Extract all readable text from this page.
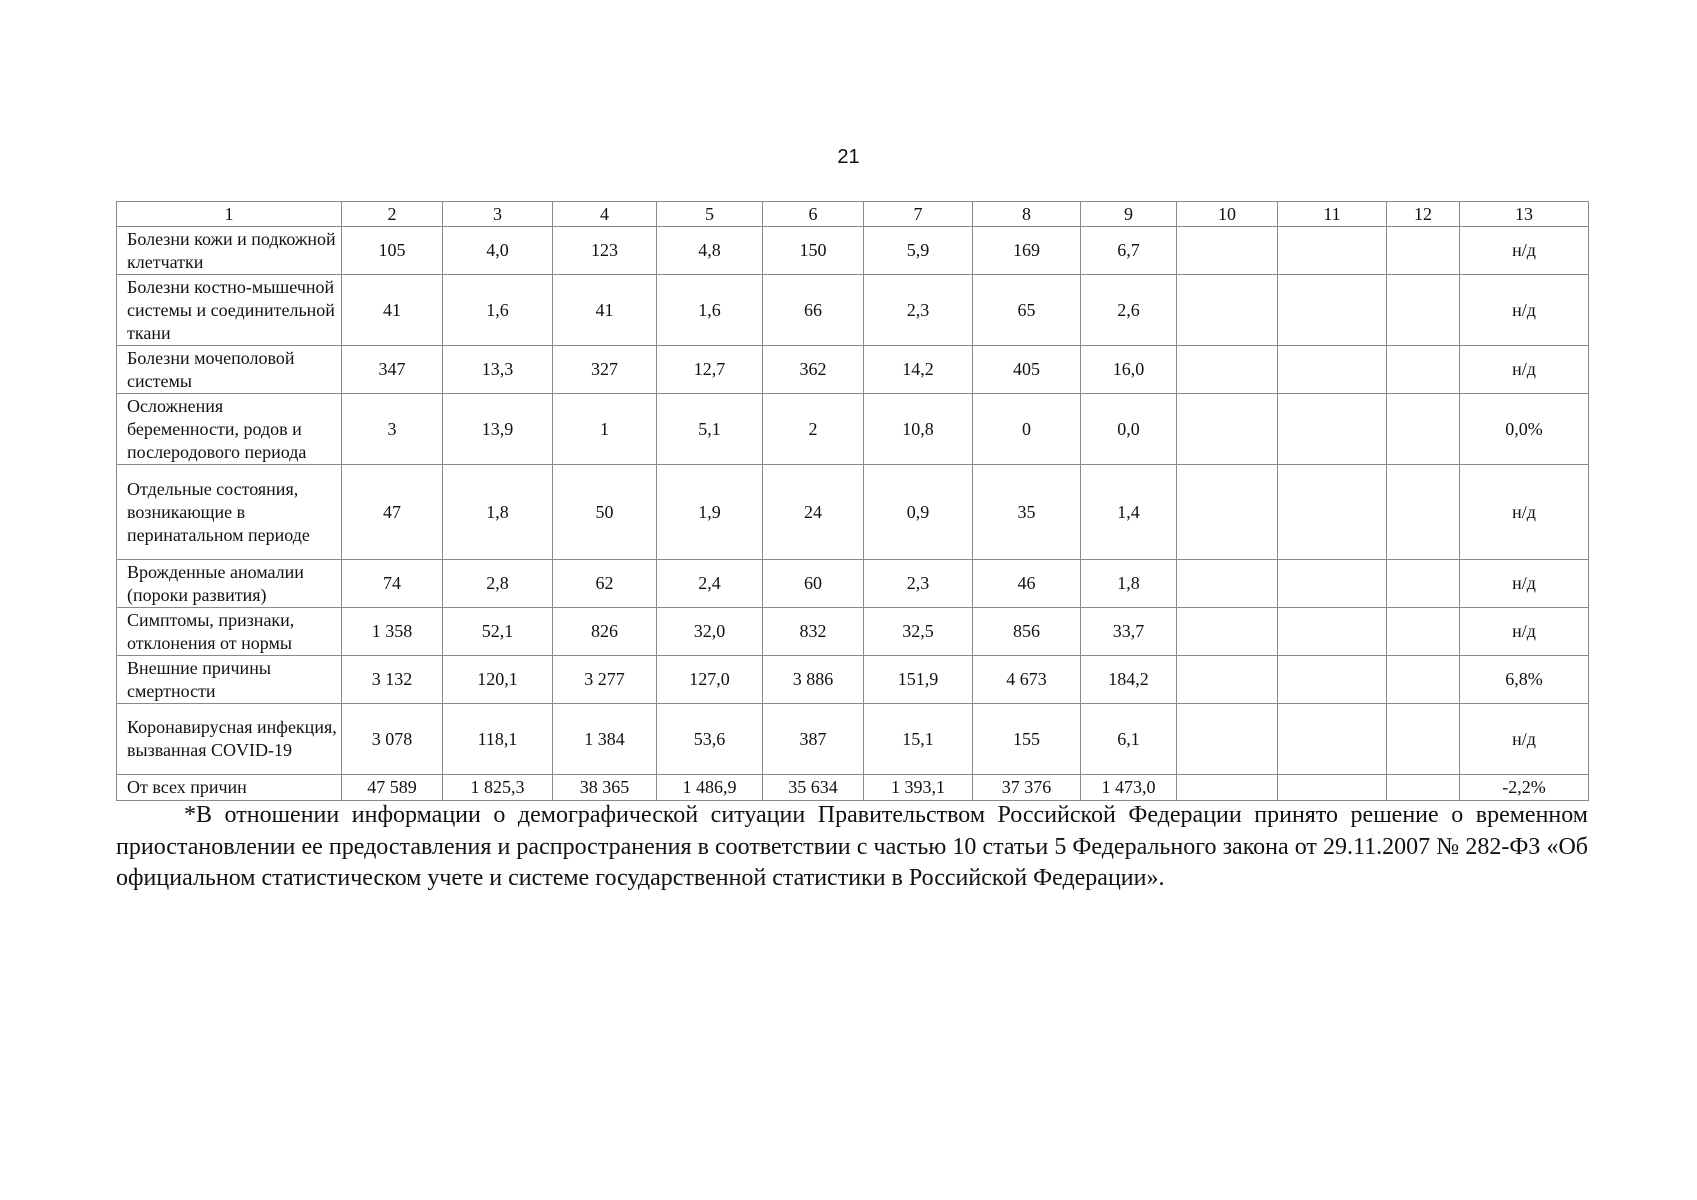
21
1	2	3	4	5	6	7	8	9	10	11	12	13
Болезни кожи и подкожной клетчатки	105	4,0	123	4,8	150	5,9	169	6,7				н/д
Болезни костно-мышечной системы и соединительной ткани	41	1,6	41	1,6	66	2,3	65	2,6				н/д
Болезни мочеполовой системы	347	13,3	327	12,7	362	14,2	405	16,0				н/д
Осложнения беременности, родов и послеродового периода	3	13,9	1	5,1	2	10,8	0	0,0				0,0%
Отдельные состояния, возникающие в перинатальном периоде	47	1,8	50	1,9	24	0,9	35	1,4				н/д
Врожденные аномалии (пороки развития)	74	2,8	62	2,4	60	2,3	46	1,8				н/д
Симптомы, признаки, отклонения от нормы	1 358	52,1	826	32,0	832	32,5	856	33,7				н/д
Внешние причины смертности	3 132	120,1	3 277	127,0	3 886	151,9	4 673	184,2				6,8%
Коронавирусная инфекция, вызванная COVID-19	3 078	118,1	1 384	53,6	387	15,1	155	6,1				н/д
От всех причин	47 589	1 825,3	38 365	1 486,9	35 634	1 393,1	37 376	1 473,0				-2,2%

*В отношении информации о демографической ситуации Правительством Российской Федерации принято решение о временном приостановлении ее предоставления и распространения в соответствии с частью 10 статьи 5 Федерального закона от 29.11.2007 № 282-ФЗ «Об официальном статистическом учете и системе государственной статистики в Российской Федерации».
